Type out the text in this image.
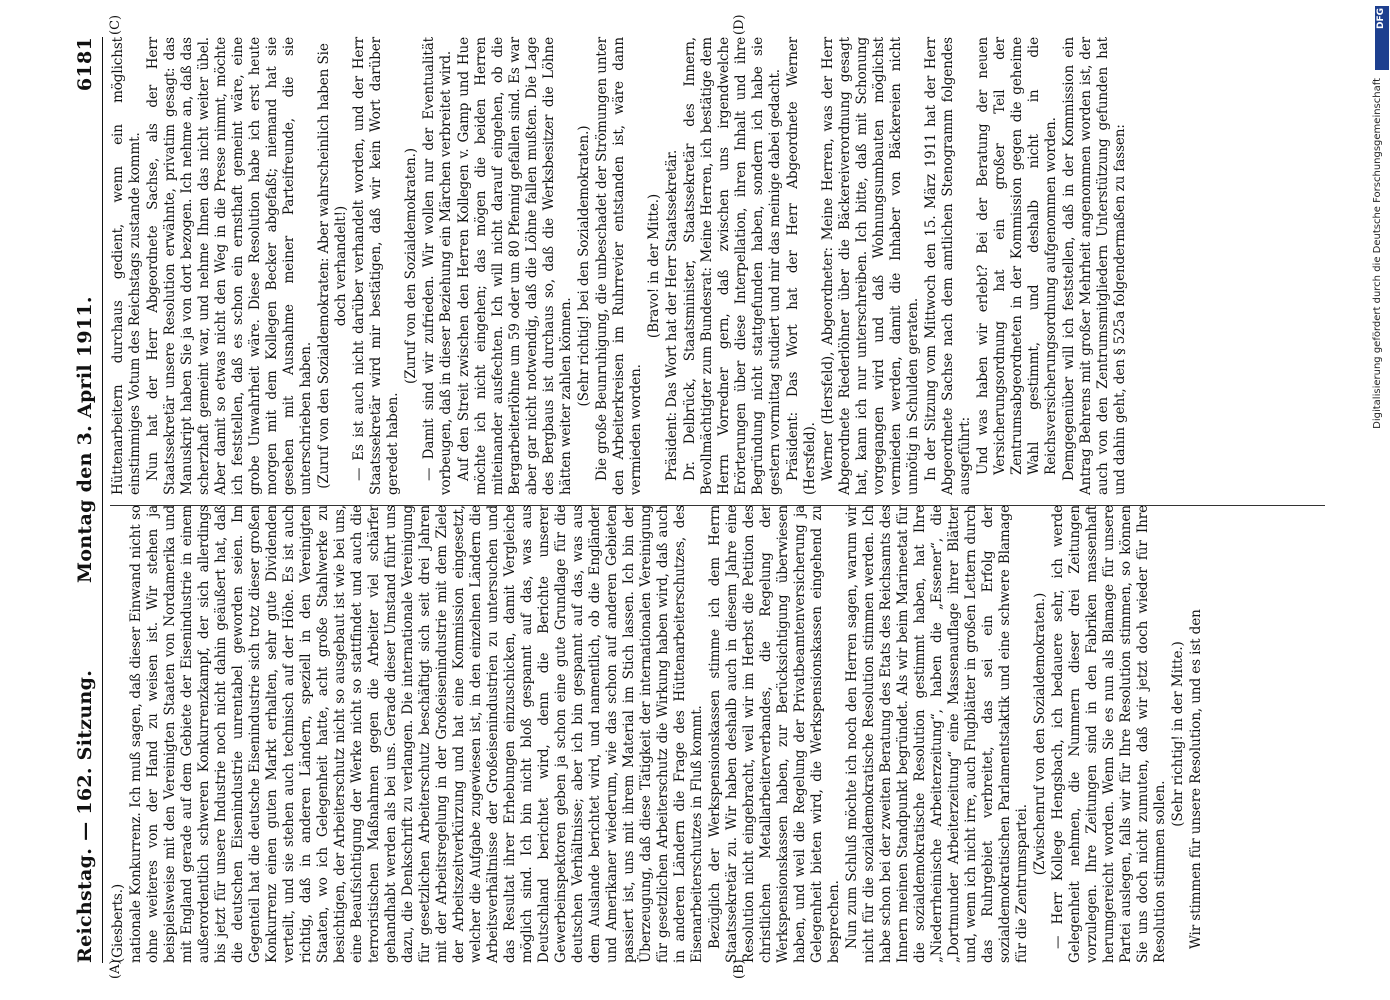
Reichstag. — 162. Sitzung.
Montag den 3. April 1911.
6181
(A)	(B)
(C)	(D)

(Giesberts.) nationale Konkurrenz. Ich muß sagen, daß dieser Einwand nicht so ohne weiteres von der Hand zu weisen ist. Wir stehen ja beispielsweise mit den Vereinigten Staaten von Nordamerika und mit England gerade auf dem Gebiete der Eisenindustrie in einem außerordentlich schweren Konkurrenzkampf, der sich allerdings bis jetzt für unsere Industrie noch nicht dahin geäußert hat, daß die deutschen Eisenindustrie unrentabel geworden seien. Im Gegenteil hat die deutsche Eisenindustrie sich trotz dieser großen Konkurrenz einen guten Markt erhalten, sehr gute Dividenden verteilt, und sie stehen auch technisch auf der Höhe. Es ist auch richtig, daß in anderen Ländern, speziell in den Vereinigten Staaten, wo ich Gelegenheit hatte, acht große Stahlwerke zu besichtigen, der Arbeiterschutz nicht so ausgebaut ist wie bei uns, eine Beaufsichtigung der Werke nicht so stattfindet und auch die terroristischen Maßnahmen gegen die Arbeiter viel schärfer gehandhabt werden als bei uns. Gerade dieser Umstand führt uns dazu, die Denkschrift zu verlangen. Die internationale Vereinigung für gesetzlichen Arbeiterschutz beschäftigt sich seit drei Jahren mit der Arbeitsregelung in der Großeisenindustrie mit dem Ziele der Arbeitszeitverkürzung und hat eine Kommission eingesetzt, welcher die Aufgabe zugewiesen ist, in den einzelnen Ländern die Arbeitsverhältnisse der Großeisenindustrien zu untersuchen und das Resultat ihrer Erhebungen einzuschicken, damit Vergleiche möglich sind. Ich bin nicht bloß gespannt auf das, was aus Deutschland berichtet wird, denn die Berichte unserer Gewerbeinspektoren geben ja schon eine gute Grundlage für die deutschen Verhältnisse; aber ich bin gespannt auf das, was aus dem Auslande berichtet wird, und namentlich, ob die Engländer und Amerikaner wiederum, wie das schon auf anderen Gebieten passiert ist, uns mit ihrem Material im Stich lassen. Ich bin der Überzeugung, daß diese Tätigkeit der internationalen Vereinigung für gesetzlichen Arbeiterschutz die Wirkung haben wird, daß auch in anderen Ländern die Frage des Hüttenarbeiterschutzes, des Eisenarbeiterschutzes in Fluß kommt. Bezüglich der Werkspensionskassen stimme ich dem Herrn Staatssekretär zu. Wir haben deshalb auch in diesem Jahre eine Resolution nicht eingebracht, weil wir im Herbst die Petition des christlichen Metallarbeiterverbandes, die Regelung der Werkspensionskassen haben, zur Berücksichtigung überwiesen haben, und weil die Regelung der Privatbeamtenversicherung ja Gelegenheit bieten wird, die Werkspensionskassen eingehend zu besprechen. Nun zum Schluß möchte ich noch den Herren sagen, warum wir nicht für die sozialdemokratische Resolution stimmen werden. Ich habe schon bei der zweiten Beratung des Etats des Reichsamts des Innern meinen Standpunkt begründet. Als wir beim Marineetat für die sozialdemokratische Resolution gestimmt haben, hat Ihre „Niederrheinische Arbeiterzeitung“, haben die „Essener“, die „Dortmunder Arbeiterzeitung“ eine Massenauflage ihrer Blätter und, wenn ich nicht irre, auch Flugblätter in großen Lettern durch das Ruhrgebiet verbreitet, das sei ein Erfolg der sozialdemokratischen Parlamentstaktik und eine schwere Blamage für die Zentrumspartei.

(Zwischenruf von den Sozialdemokraten.) — Herr Kollege Hengsbach, ich bedauere sehr, ich werde Gelegenheit nehmen, die Nummern dieser drei Zeitungen vorzulegen. Ihre Zeitungen sind in den Fabriken massenhaft herumgereicht worden. Wenn Sie es nun als Blamage für unsere Partei auslegen, falls wir für Ihre Resolution stimmen, so können Sie uns doch nicht zumuten, daß wir jetzt doch wieder für Ihre Resolution stimmen sollen.

(Sehr richtig! in der Mitte.) Wir stimmen für unsere Resolution, und es ist den

Hüttenarbeitern durchaus gedient, wenn ein möglichst einstimmiges Votum des Reichstags zustande kommt. Nun hat der Herr Abgeordnete Sachse, als der Herr Staatssekretär unsere Resolution erwähnte, privatim gesagt: das Manuskript haben Sie ja von dort bezogen. Ich nehme an, daß das scherzhaft gemeint war, und nehme Ihnen das nicht weiter übel. Aber damit so etwas nicht den Weg in die Presse nimmt, möchte ich feststellen, daß es schon ein ernsthaft gemeint wäre, eine grobe Unwahrheit wäre. Diese Resolution habe ich erst heute morgen mit dem Kollegen Becker abgefaßt; niemand hat sie gesehen mit Ausnahme meiner Parteifreunde, die sie unterschrieben haben. (Zuruf von den Sozialdemokraten: Aber wahrscheinlich haben Sie doch verhandelt!) — Es ist auch nicht darüber verhandelt worden, und der Herr Staatssekretär wird mir bestätigen, daß wir kein Wort darüber geredet haben.

(Zuruf von den Sozialdemokraten.) — Damit sind wir zufrieden. Wir wollen nur der Eventualität vorbeugen, daß in dieser Beziehung ein Märchen verbreitet wird. Auf den Streit zwischen den Herren Kollegen v. Gamp und Hue möchte ich nicht eingehen; das mögen die beiden Herren miteinander ausfechten. Ich will nicht darauf eingehen, ob die Bergarbeiterlöhne um 59 oder um 80 Pfennig gefallen sind. Es war aber gar nicht notwendig, daß die Löhne fallen mußten. Die Lage des Bergbaus ist durchaus so, daß die Werksbesitzer die Löhne hätten weiter zahlen können. (Sehr richtig! bei den Sozialdemokraten.) Die große Beunruhigung, die unbeschadet der Strömungen unter den Arbeiterkreisen im Ruhrrevier entstanden ist, wäre dann vermieden worden.

(Bravo! in der Mitte.) Präsident: Das Wort hat der Herr Staatssekretär. Dr. Delbrück, Staatsminister, Staatssekretär des Innern, Bevollmächtigter zum Bundesrat: Meine Herren, ich bestätige dem Herrn Vorredner gern, daß zwischen uns irgendwelche Erörterungen über diese Interpellation, ihren Inhalt und ihre Begründung nicht stattgefunden haben, sondern ich habe sie gestern vormittag studiert und mir das meinige dabei gedacht. Präsident: Das Wort hat der Herr Abgeordnete Werner (Hersfeld). Werner (Hersfeld), Abgeordneter: Meine Herren, was der Herr Abgeordnete Riederlöhner über die Bäckereiverordnung gesagt hat, kann ich nur unterschreiben. Ich bitte, daß mit Schonung vorgegangen wird und daß Wohnungsumbauten möglichst vermieden werden, damit die Inhaber von Bäckereien nicht unnötig in Schulden geraten. In der Sitzung vom Mittwoch den 15. März 1911 hat der Herr Abgeordnete Sachse nach dem amtlichen Stenogramm folgendes ausgeführt: Und was haben wir erlebt? Bei der Beratung der neuen Versicherungsordnung hat ein großer Teil der Zentrumsabgeordneten in der Kommission gegen die geheime Wahl gestimmt, und deshalb nicht in die Reichsversicherungsordnung aufgenommen worden. Demgegenüber will ich feststellen, daß in der Kommission ein Antrag Behrens mit großer Mehrheit angenommen worden ist, der auch von den Zentrumsmitgliedern Unterstützung gefunden hat und dahin geht, den § 525a folgendermaßen zu fassen:

DFG
Digitalisierung gefördert durch die Deutsche Forschungsgemeinschaft
